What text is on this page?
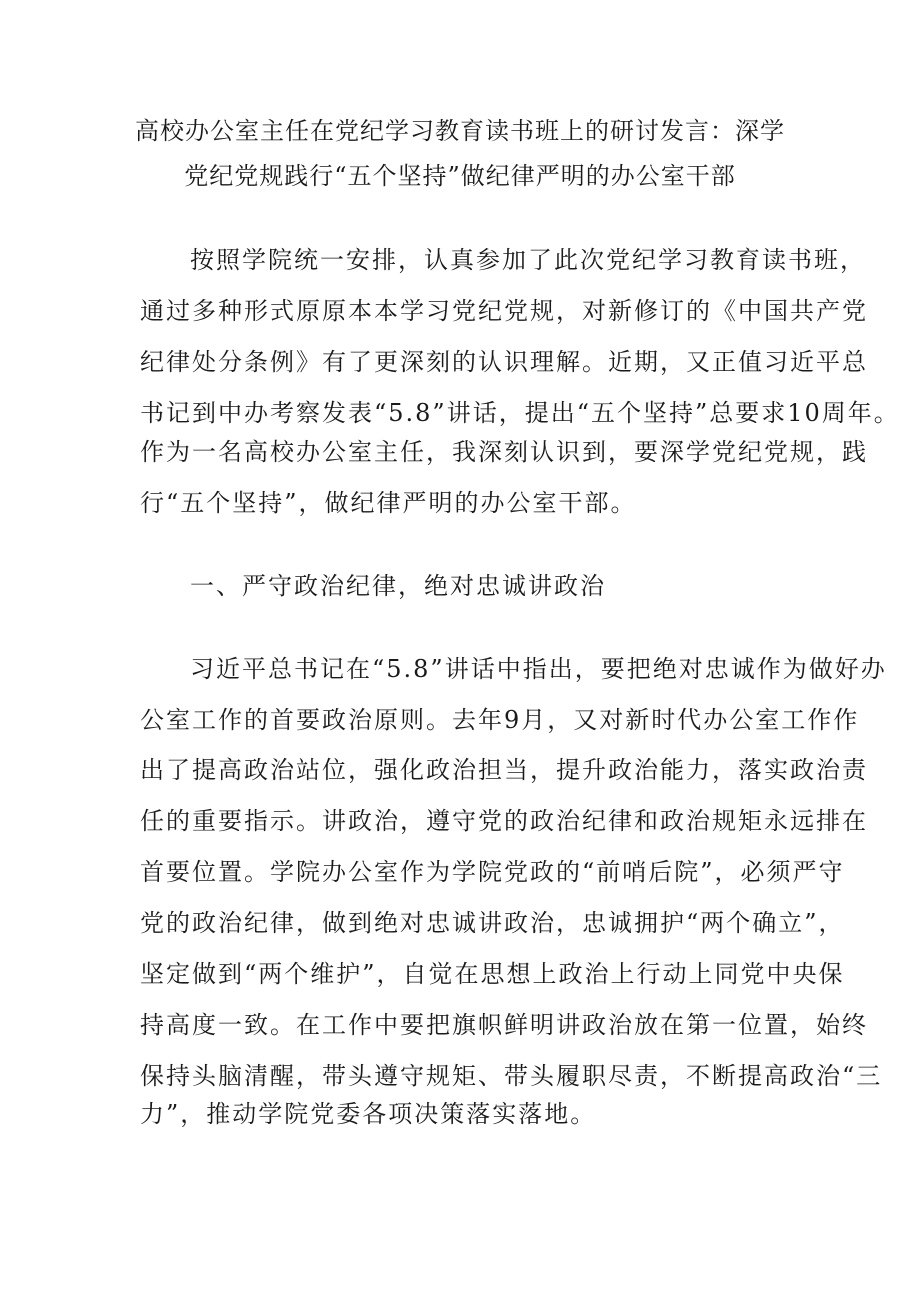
高校办公室主任在党纪学习教育读书班上的研讨发言：深学
党纪党规践行“五个坚持”做纪律严明的办公室干部
按照学院统一安排，认真参加了此次党纪学习教育读书班，
通过多种形式原原本本学习党纪党规，对新修订的《中国共产党
纪律处分条例》有了更深刻的认识理解。近期，又正值习近平总
书记到中办考察发表“5.8”讲话，提出“五个坚持”总要求10周年。
作为一名高校办公室主任，我深刻认识到，要深学党纪党规，践
行“五个坚持”，做纪律严明的办公室干部。
一、严守政治纪律，绝对忠诚讲政治
习近平总书记在“5.8”讲话中指出，要把绝对忠诚作为做好办
公室工作的首要政治原则。去年9月，又对新时代办公室工作作
出了提高政治站位，强化政治担当，提升政治能力，落实政治责
任的重要指示。讲政治，遵守党的政治纪律和政治规矩永远排在
首要位置。学院办公室作为学院党政的“前哨后院”，必须严守
党的政治纪律，做到绝对忠诚讲政治，忠诚拥护“两个确立”，
坚定做到“两个维护”，自觉在思想上政治上行动上同党中央保
持高度一致。在工作中要把旗帜鲜明讲政治放在第一位置，始终
保持头脑清醒，带头遵守规矩、带头履职尽责，不断提高政治“三
力”，推动学院党委各项决策落实落地。
